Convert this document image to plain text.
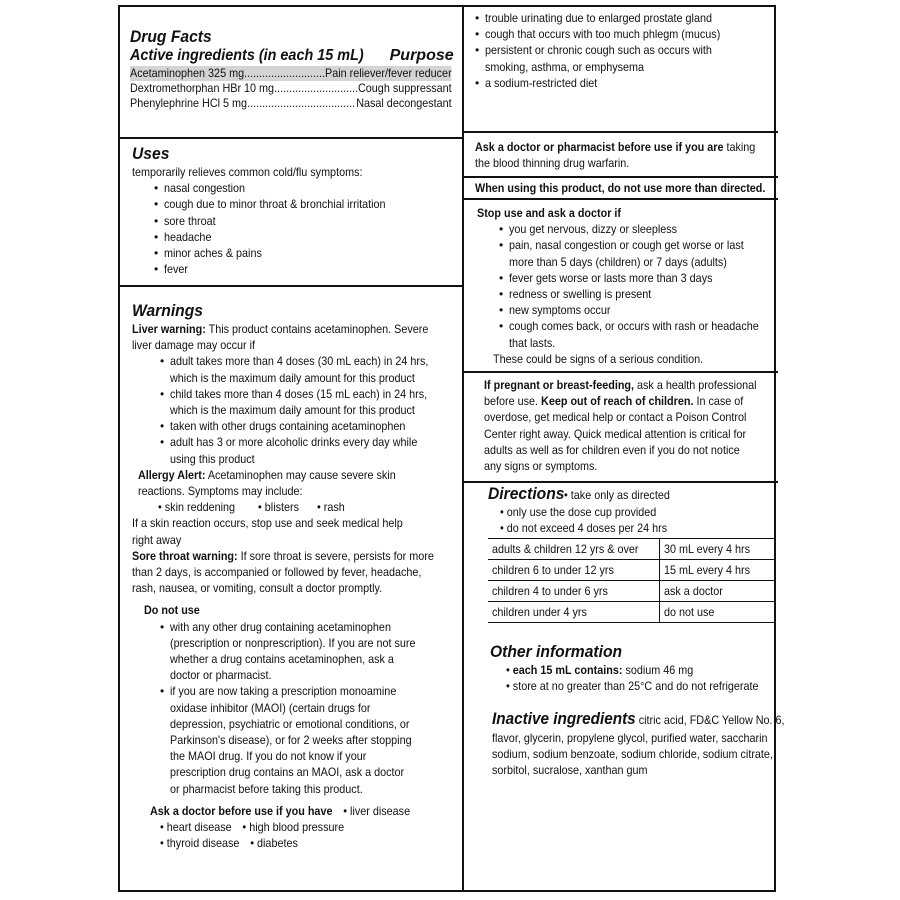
Drug Facts
Active ingredients (in each 15 mL) Purpose
Acetaminophen 325 mg .....	Pain reliever/fever reducer
Dextromethorphan HBr 10 mg .....	Cough suppressant
Phenylephrine HCl 5 mg .....	Nasal decongestant
Uses
temporarily relieves common cold/flu symptoms:
• nasal congestion
• cough due to minor throat & bronchial irritation
• sore throat
• headache
• minor aches & pains
• fever
Warnings
Liver warning: This product contains acetaminophen. Severe
liver damage may occur if
• adult takes more than 4 doses (30 mL each) in 24 hrs,
which is the maximum daily amount for this product
• child takes more than 4 doses (15 mL each) in 24 hrs,
which is the maximum daily amount for this product
• taken with other drugs containing acetaminophen
• adult has 3 or more alcoholic drinks every day while
using this product
Allergy Alert: Acetaminophen may cause severe skin
reactions. Symptoms may include:
• skin reddening • blisters • rash
If a skin reaction occurs, stop use and seek medical help
right away
Sore throat warning: If sore throat is severe, persists for more
than 2 days, is accompanied or followed by fever, headache,
rash, nausea, or vomiting, consult a doctor promptly.
Do not use
• with any other drug containing acetaminophen
(prescription or nonprescription). If you are not sure
whether a drug contains acetaminophen, ask a
doctor or pharmacist.
• if you are now taking a prescription monoamine
oxidase inhibitor (MAOI) (certain drugs for
depression, psychiatric or emotional conditions, or
Parkinson's disease), or for 2 weeks after stopping
the MAOI drug. If you do not know if your
prescription drug contains an MAOI, ask a doctor
or pharmacist before taking this product.
Ask a doctor before use if you have • liver disease
• heart disease • high blood pressure
• thyroid disease • diabetes
• trouble urinating due to enlarged prostate gland
• cough that occurs with too much phlegm (mucus)
• persistent or chronic cough such as occurs with
smoking, asthma, or emphysema
• a sodium-restricted diet
Ask a doctor or pharmacist before use if you are taking
the blood thinning drug warfarin.
When using this product, do not use more than directed.
Stop use and ask a doctor if
• you get nervous, dizzy or sleepless
• pain, nasal congestion or cough get worse or last
more than 5 days (children) or 7 days (adults)
• fever gets worse or lasts more than 3 days
• redness or swelling is present
• new symptoms occur
• cough comes back, or occurs with rash or headache
that lasts.
These could be signs of a serious condition.
If pregnant or breast-feeding, ask a health professional
before use. Keep out of reach of children. In case of
overdose, get medical help or contact a Poison Control
Center right away. Quick medical attention is critical for
adults as well as for children even if you do not notice
any signs or symptoms.
Directions • take only as directed
• only use the dose cup provided
• do not exceed 4 doses per 24 hrs
adults & children 12 yrs & over	30 mL every 4 hrs
children 6 to under 12 yrs	15 mL every 4 hrs
children 4 to under 6 yrs	ask a doctor
children under 4 yrs	do not use
Other information
• each 15 mL contains: sodium 46 mg
• store at no greater than 25°C and do not refrigerate
Inactive ingredients citric acid, FD&C Yellow No. 6,
flavor, glycerin, propylene glycol, purified water, saccharin
sodium, sodium benzoate, sodium chloride, sodium citrate,
sorbitol, sucralose, xanthan gum
